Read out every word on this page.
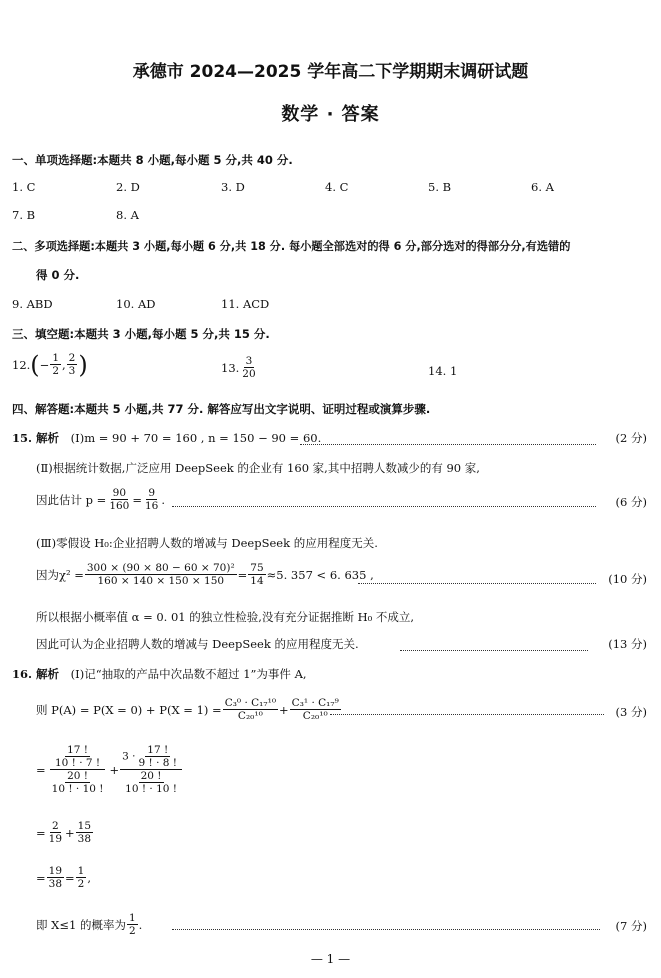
承德市 2024—2025 学年高二下学期期末调研试题
数学 · 答案
一、单项选择题:本题共 8 小题,每小题 5 分,共 40 分.
1. C	2. D	3. D	4. C	5. B	6. A
7. B	8. A
二、多项选择题:本题共 3 小题,每小题 6 分,共 18 分. 每小题全部选对的得 6 分,部分选对的得部分分,有选错的
得 0 分.
9. ABD	10. AD	11. ACD
三、填空题:本题共 3 小题,每小题 5 分,共 15 分.
12. ( − $\frac{1}{2}$ , $\frac{2}{3}$ )	13. $\frac{3}{20}$	14. 1
四、解答题:本题共 5 小题,共 77 分. 解答应写出文字说明、证明过程或演算步骤.
15. 解析 (Ⅰ)m = 90 + 70 = 160 , n = 150 − 90 = 60.	(2 分)
(Ⅱ)根据统计数据,广泛应用 DeepSeek 的企业有 160 家,其中招聘人数减少的有 90 家,
因此估计 $p = \frac{90}{160} = \frac{9}{16}$ .	(6 分)
(Ⅲ)零假设 H₀:企业招聘人数的增减与 DeepSeek 的应用程度无关.
因为$\chi^2 = \frac{\text{300 × (90 × 80 − 60 × 70)²}}{160 \times 140 \times 150 \times 150} = \frac{75}{14} \approx 5$. 357 < 6. 635 ,	(10 分)
所以根据小概率值 α = 0. 01 的独立性检验,没有充分证据推断 H₀ 不成立,
因此可认为企业招聘人数的增减与 DeepSeek 的应用程度无关.	(13 分)
16. 解析 (Ⅰ)记“抽取的产品中次品数不超过 1”为事件 A,
则 $P(A) = P(X = 0) + P(X = 1) = \frac{\text{C₃⁰ · C₁₇¹⁰}}{\text{C₂₀¹⁰}} + \frac{\text{C₃¹ · C₁₇⁹}}{\text{C₂₀¹⁰}}$	(3 分)
= $\frac{\frac{17 !}{10 ! \cdot 7 !}}{\frac{20 !}{10 ! \cdot 10 !}} + \frac{3 \cdot \frac{17 !}{9 ! \cdot 8 !}}{\frac{20 !}{10 ! \cdot 10 !}}$
= $\frac{2}{19} + \frac{15}{38}$
= $\frac{19}{38} = \frac{1}{2}$ ,
即 X≤1 的概率为 $\frac{1}{2}$ .	(7 分)
— 1 —
